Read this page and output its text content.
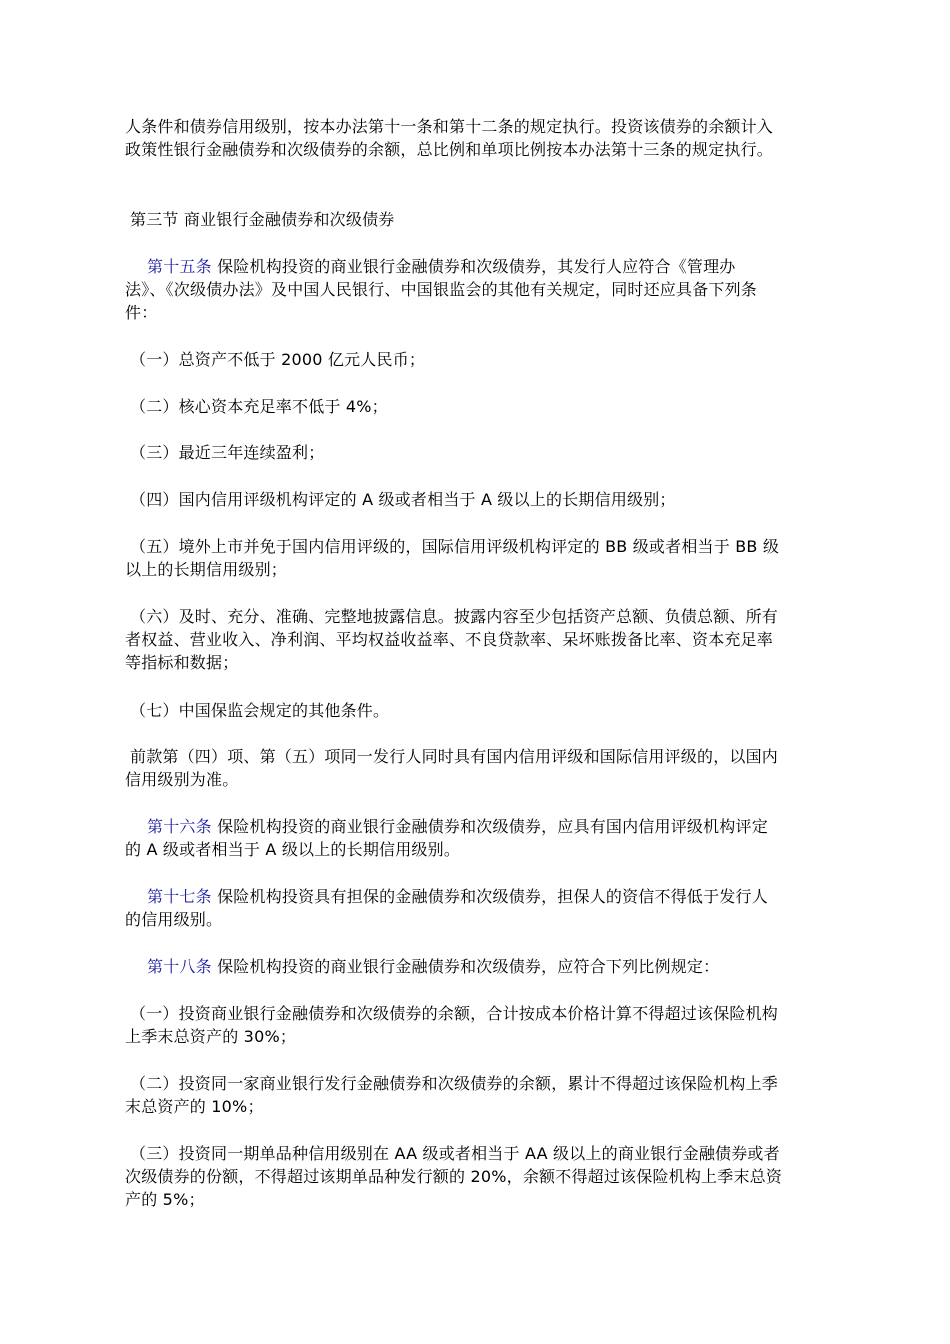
人条件和债券信用级别，按本办法第十一条和第十二条的规定执行。投资该债券的余额计入
政策性银行金融债券和次级债券的余额，总比例和单项比例按本办法第十三条的规定执行。
第三节 商业银行金融债券和次级债券
第十五条 保险机构投资的商业银行金融债券和次级债券，其发行人应符合《管理办
法》、《次级债办法》及中国人民银行、中国银监会的其他有关规定，同时还应具备下列条
件：
（一）总资产不低于 2000 亿元人民币；
（二）核心资本充足率不低于 4%；
（三）最近三年连续盈利；
（四）国内信用评级机构评定的 A 级或者相当于 A 级以上的长期信用级别；
（五）境外上市并免于国内信用评级的，国际信用评级机构评定的 BB 级或者相当于 BB 级
以上的长期信用级别；
（六）及时、充分、准确、完整地披露信息。披露内容至少包括资产总额、负债总额、所有
者权益、营业收入、净利润、平均权益收益率、不良贷款率、呆坏账拨备比率、资本充足率
等指标和数据；
（七）中国保监会规定的其他条件。
前款第（四）项、第（五）项同一发行人同时具有国内信用评级和国际信用评级的，以国内
信用级别为准。
第十六条 保险机构投资的商业银行金融债券和次级债券，应具有国内信用评级机构评定
的 A 级或者相当于 A 级以上的长期信用级别。
第十七条 保险机构投资具有担保的金融债券和次级债券，担保人的资信不得低于发行人
的信用级别。
第十八条 保险机构投资的商业银行金融债券和次级债券，应符合下列比例规定：
（一）投资商业银行金融债券和次级债券的余额，合计按成本价格计算不得超过该保险机构
上季末总资产的 30%；
（二）投资同一家商业银行发行金融债券和次级债券的余额，累计不得超过该保险机构上季
末总资产的 10%；
（三）投资同一期单品种信用级别在 AA 级或者相当于 AA 级以上的商业银行金融债券或者
次级债券的份额，不得超过该期单品种发行额的 20%，余额不得超过该保险机构上季末总资
产的 5%；
